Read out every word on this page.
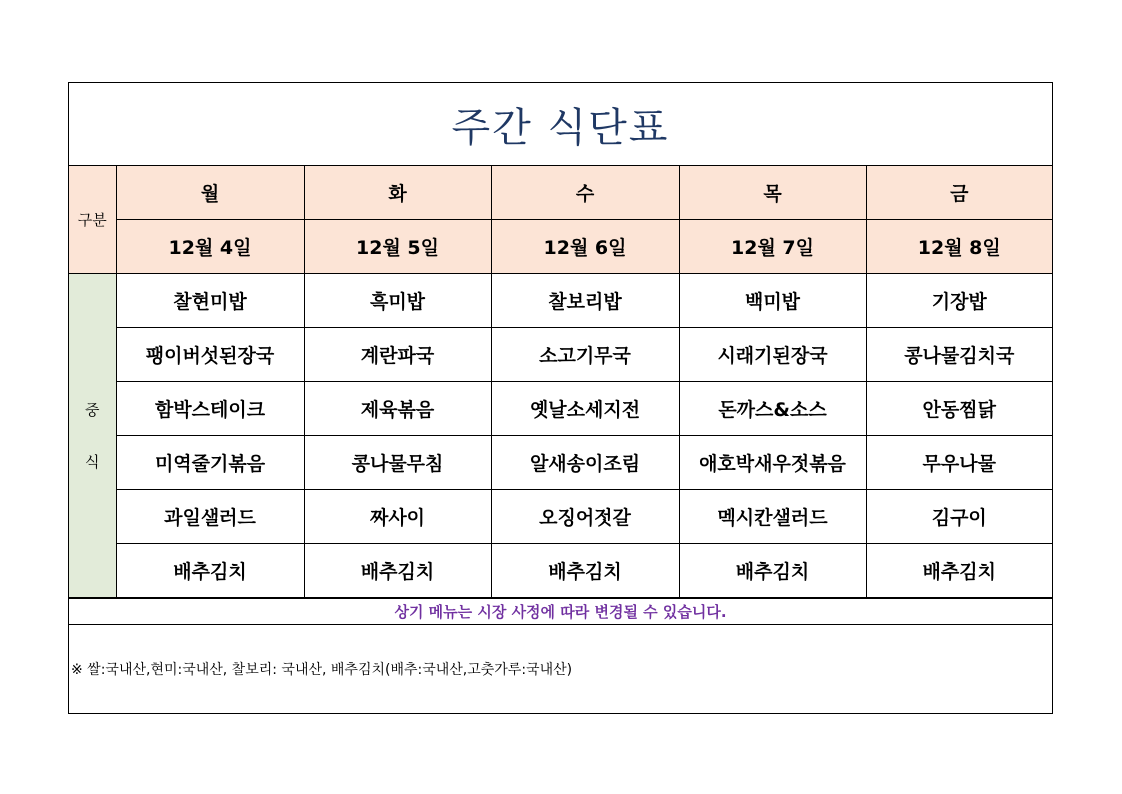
주간 식단표
구분	월	화	수	목	금
	12월 4일	12월 5일	12월 6일	12월 7일	12월 8일

중
식	찰현미밥	흑미밥	찰보리밥	백미밥	기장밥
	팽이버섯된장국	계란파국	소고기무국	시래기된장국	콩나물김치국
	함박스테이크	제육볶음	옛날소세지전	돈까스&소스	안동찜닭
	미역줄기볶음	콩나물무침	알새송이조림	애호박새우젓볶음	무우나물
	과일샐러드	짜사이	오징어젓갈	멕시칸샐러드	김구이
	배추김치	배추김치	배추김치	배추김치	배추김치
상기 메뉴는 시장 사정에 따라 변경될 수 있습니다.
※ 쌀:국내산,현미:국내산, 찰보리: 국내산, 배추김치(배추:국내산,고춧가루:국내산)
